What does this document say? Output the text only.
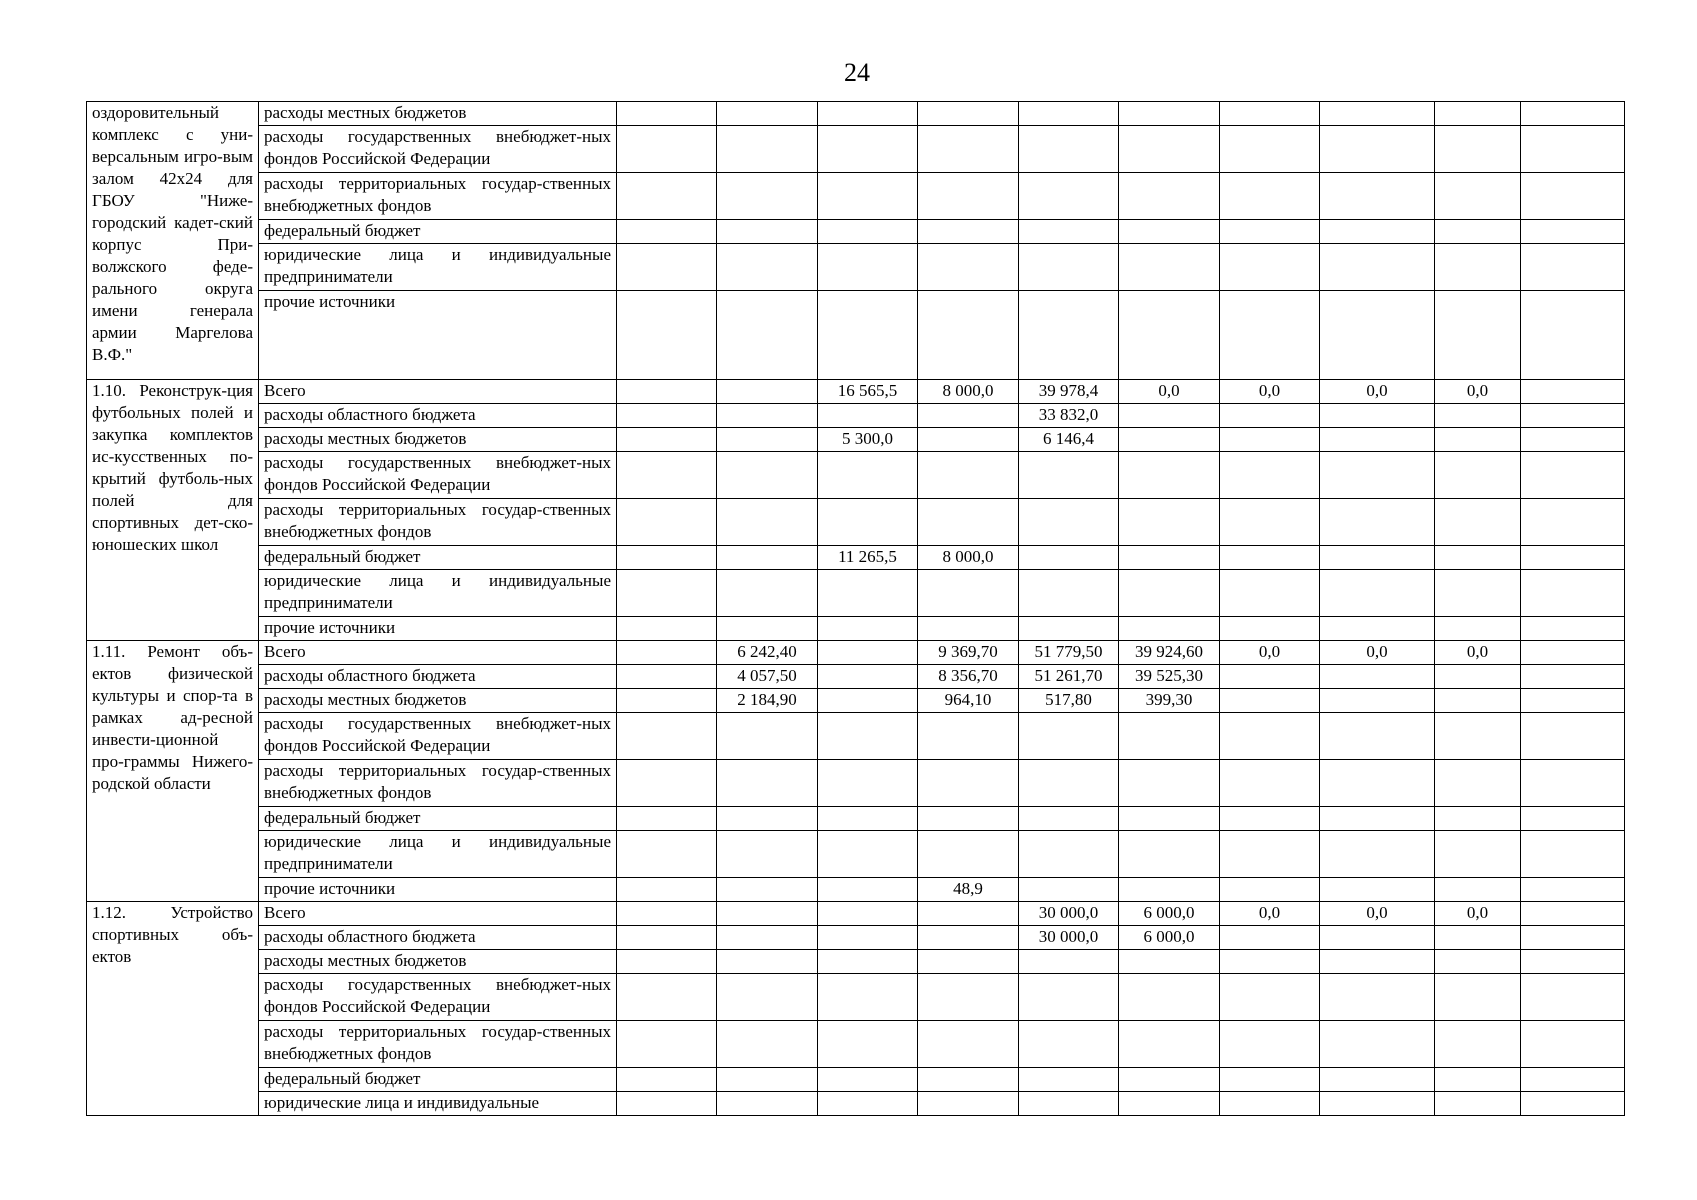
24
оздоровительный комплекс с уни-версальным игро-вым залом 42х24 для ГБОУ "Ниже-городский кадет-ский корпус При-волжского феде-рального округа имени генерала армии Маргелова В.Ф."	расходы местных бюджетов										
	расходы государственных внебюджет-ных фондов Российской Федерации										
	расходы территориальных государ-ственных внебюджетных фондов										
	федеральный бюджет										
	юридические лица и индивидуальные предприниматели										
	прочие источники										
1.10. Реконструк-ция футбольных полей и закупка комплектов ис-кусственных по-крытий футболь-ных полей для спортивных дет-ско-юношеских школ	Всего			16 565,5	8 000,0	39 978,4	0,0	0,0	0,0	0,0	
	расходы областного бюджета					33 832,0					
	расходы местных бюджетов			5 300,0		6 146,4					
	расходы государственных внебюджет-ных фондов Российской Федерации										
	расходы территориальных государ-ственных внебюджетных фондов										
	федеральный бюджет			11 265,5	8 000,0						
	юридические лица и индивидуальные предприниматели										
	прочие источники										
1.11. Ремонт объ-ектов физической культуры и спор-та в рамках ад-ресной инвести-ционной про-граммы Нижего-родской области	Всего		6 242,40		9 369,70	51 779,50	39 924,60	0,0	0,0	0,0	
	расходы областного бюджета		4 057,50		8 356,70	51 261,70	39 525,30				
	расходы местных бюджетов		2 184,90		964,10	517,80	399,30				
	расходы государственных внебюджет-ных фондов Российской Федерации										
	расходы территориальных государ-ственных внебюджетных фондов										
	федеральный бюджет										
	юридические лица и индивидуальные предприниматели										
	прочие источники				48,9						
1.12. Устройство спортивных объ-ектов	Всего					30 000,0	6 000,0	0,0	0,0	0,0	
	расходы областного бюджета					30 000,0	6 000,0				
	расходы местных бюджетов										
	расходы государственных внебюджет-ных фондов Российской Федерации										
	расходы территориальных государ-ственных внебюджетных фондов										
	федеральный бюджет										
	юридические лица и индивидуальные										
